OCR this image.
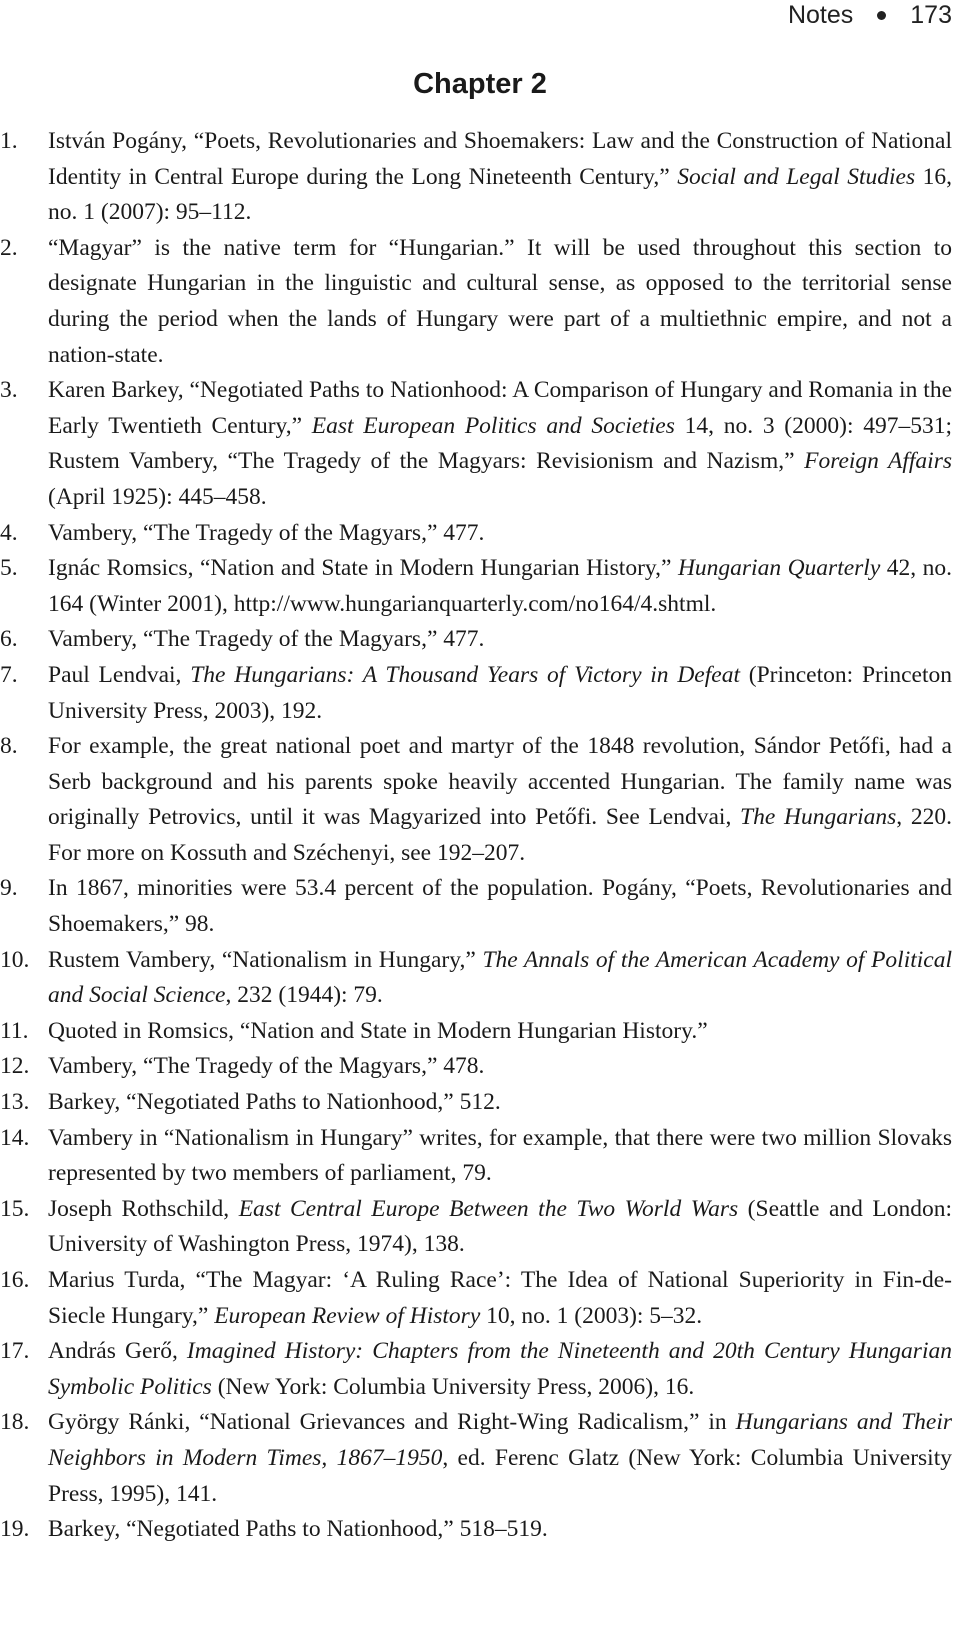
Notes 173
Chapter 2
1.	István Pogány, “Poets, Revolutionaries and Shoemakers: Law and the Construction of National Identity in Central Europe during the Long Nineteenth Century,” Social and Legal Studies 16, no. 1 (2007): 95–112.
2.	“Magyar” is the native term for “Hungarian.” It will be used throughout this section to designate Hungarian in the linguistic and cultural sense, as opposed to the territorial sense during the period when the lands of Hungary were part of a multiethnic empire, and not a nation-state.
3.	Karen Barkey, “Negotiated Paths to Nationhood: A Comparison of Hungary and Romania in the Early Twentieth Century,” East European Politics and Societies 14, no. 3 (2000): 497–531; Rustem Vambery, “The Tragedy of the Magyars: Revisionism and Nazism,” Foreign Affairs (April 1925): 445–458.
4.	Vambery, “The Tragedy of the Magyars,” 477.
5.	Ignác Romsics, “Nation and State in Modern Hungarian History,” Hungarian Quarterly 42, no. 164 (Winter 2001), http://www.hungarianquarterly.com/no164/4.shtml.
6.	Vambery, “The Tragedy of the Magyars,” 477.
7.	Paul Lendvai, The Hungarians: A Thousand Years of Victory in Defeat (Princeton: Princeton University Press, 2003), 192.
8.	For example, the great national poet and martyr of the 1848 revolution, Sándor Petőfi, had a Serb background and his parents spoke heavily accented Hungarian. The family name was originally Petrovics, until it was Magyarized into Petőfi. See Lendvai, The Hungarians, 220. For more on Kossuth and Széchenyi, see 192–207.
9.	In 1867, minorities were 53.4 percent of the population. Pogány, “Poets, Revolutionaries and Shoemakers,” 98.
10. Rustem Vambery, “Nationalism in Hungary,” The Annals of the American Academy of Political and Social Science, 232 (1944): 79.
11. Quoted in Romsics, “Nation and State in Modern Hungarian History.”
12. Vambery, “The Tragedy of the Magyars,” 478.
13. Barkey, “Negotiated Paths to Nationhood,” 512.
14. Vambery in “Nationalism in Hungary” writes, for example, that there were two million Slovaks represented by two members of parliament, 79.
15. Joseph Rothschild, East Central Europe Between the Two World Wars (Seattle and London: University of Washington Press, 1974), 138.
16. Marius Turda, “The Magyar: ‘A Ruling Race’: The Idea of National Superiority in Fin-de-Siecle Hungary,” European Review of History 10, no. 1 (2003): 5–32.
17. András Gerő, Imagined History: Chapters from the Nineteenth and 20th Century Hungarian Symbolic Politics (New York: Columbia University Press, 2006), 16.
18. György Ránki, “National Grievances and Right-Wing Radicalism,” in Hungarians and Their Neighbors in Modern Times, 1867–1950, ed. Ferenc Glatz (New York: Columbia University Press, 1995), 141.
19. Barkey, “Negotiated Paths to Nationhood,” 518–519.
